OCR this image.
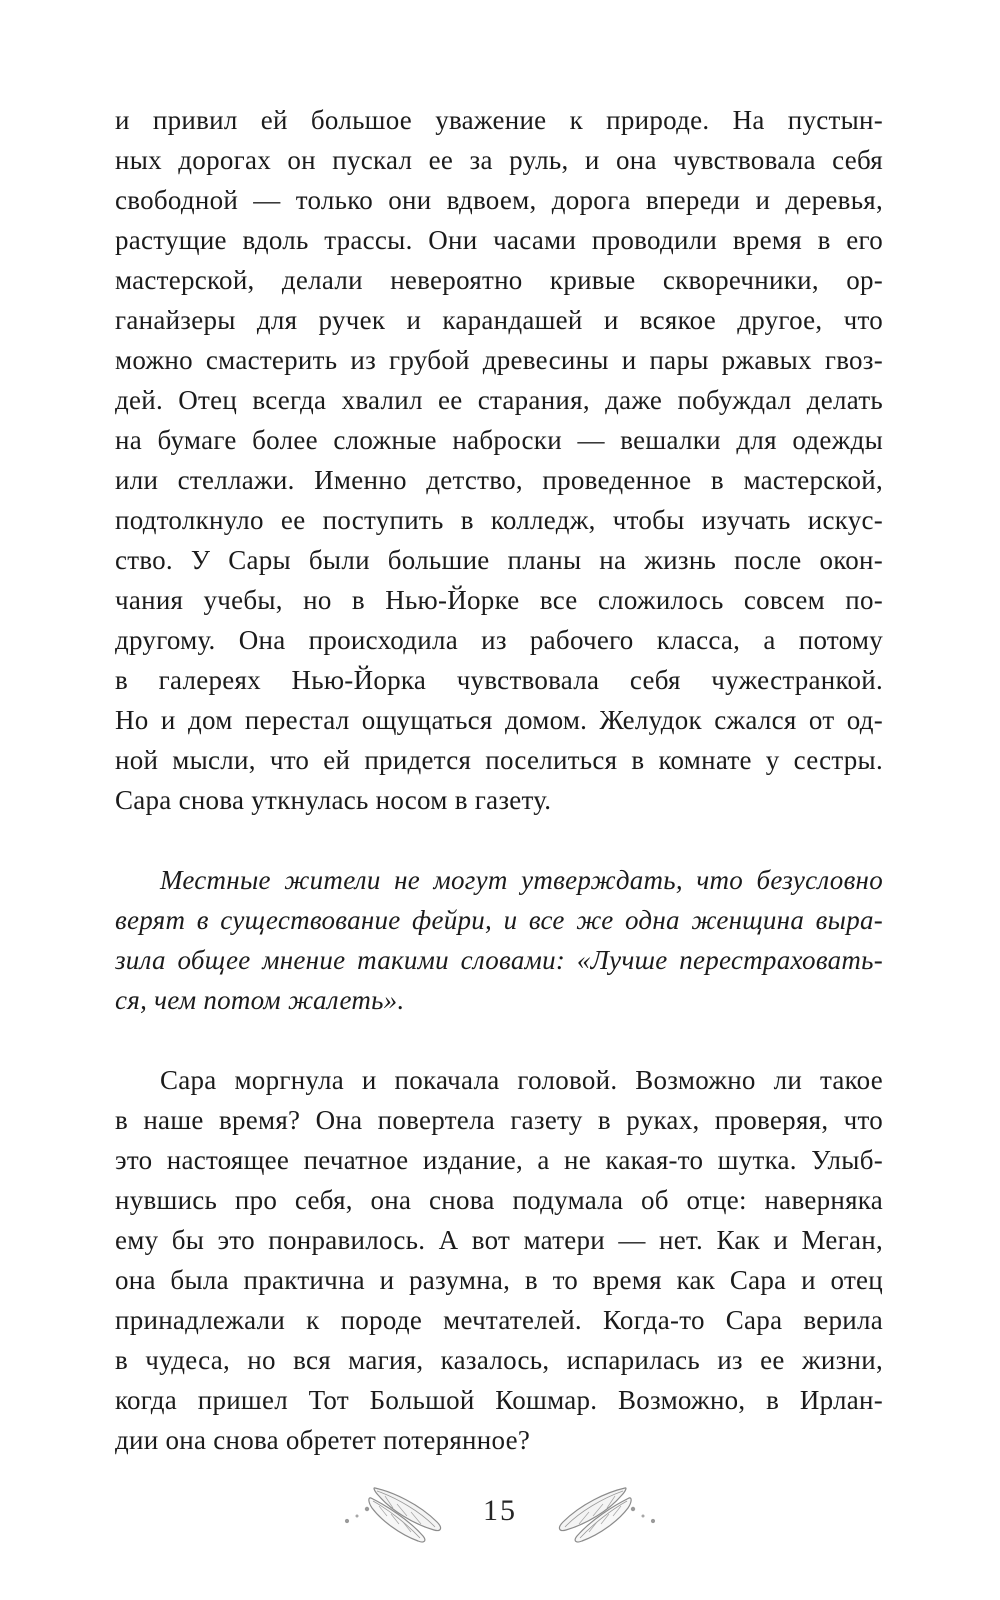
и привил ей большое уважение к природе. На пустын-
ных дорогах он пускал ее за руль, и она чувствовала себя
свободной — только они вдвоем, дорога впереди и деревья,
растущие вдоль трассы. Они часами проводили время в его
мастерской, делали невероятно кривые скворечники, ор-
ганайзеры для ручек и карандашей и всякое другое, что
можно смастерить из грубой древесины и пары ржавых гвоз-
дей. Отец всегда хвалил ее старания, даже побуждал делать
на бумаге более сложные наброски — вешалки для одежды
или стеллажи. Именно детство, проведенное в мастерской,
подтолкнуло ее поступить в колледж, чтобы изучать искус-
ство. У Сары были большие планы на жизнь после окон-
чания учебы, но в Нью-Йорке все сложилось совсем по-
другому. Она происходила из рабочего класса, а потому
в галереях Нью-Йорка чувствовала себя чужестранкой.
Но и дом перестал ощущаться домом. Желудок сжался от од-
ной мысли, что ей придется поселиться в комнате у сестры.
Сара снова уткнулась носом в газету.
Местные жители не могут утверждать, что безусловно
верят в существование фейри, и все же одна женщина выра-
зила общее мнение такими словами: «Лучше перестраховать-
ся, чем потом жалеть».
Сара моргнула и покачала головой. Возможно ли такое
в наше время? Она повертела газету в руках, проверяя, что
это настоящее печатное издание, а не какая-то шутка. Улыб-
нувшись про себя, она снова подумала об отце: наверняка
ему бы это понравилось. А вот матери — нет. Как и Меган,
она была практична и разумна, в то время как Сара и отец
принадлежали к породе мечтателей. Когда-то Сара верила
в чудеса, но вся магия, казалось, испарилась из ее жизни,
когда пришел Тот Большой Кошмар. Возможно, в Ирлан-
дии она снова обретет потерянное?
15
